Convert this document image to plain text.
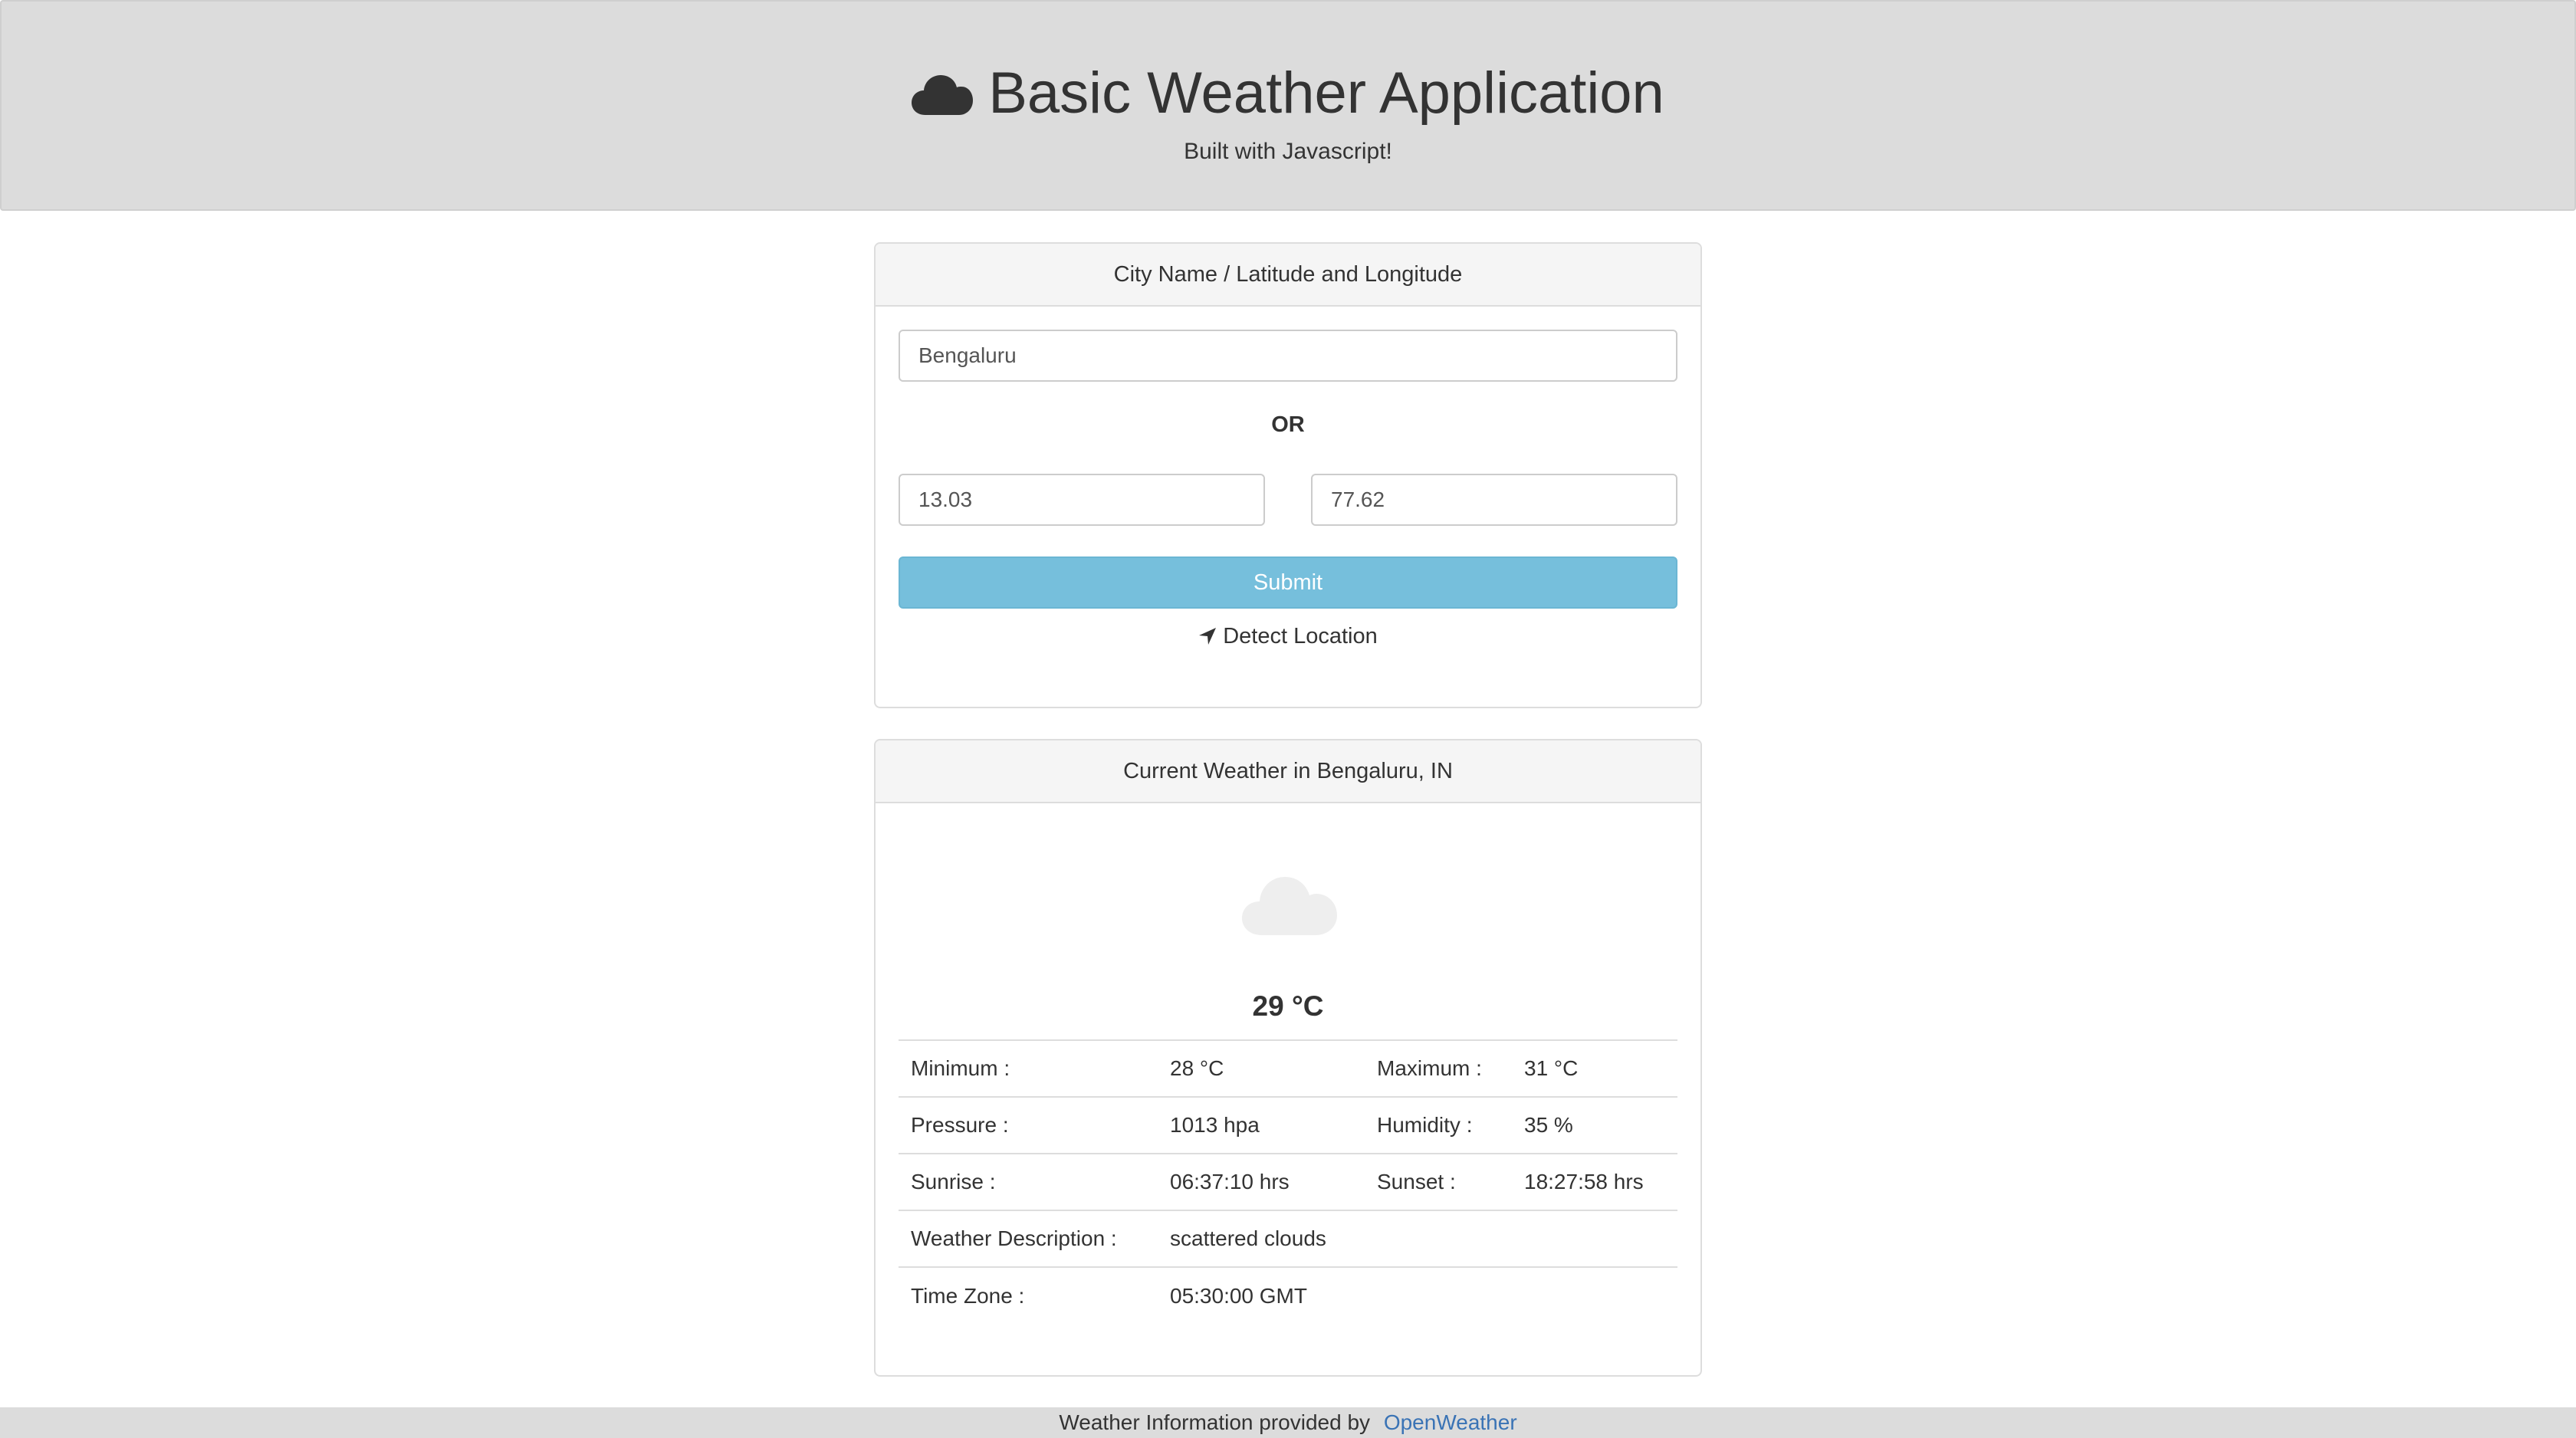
Basic Weather Application
Built with Javascript!
City Name / Latitude and Longitude
Bengaluru
OR
13.03	77.62
Submit
Detect Location
Current Weather in Bengaluru, IN
29 °C
Minimum :	28 °C	Maximum :	31 °C
Pressure :	1013 hpa	Humidity :	35 %
Sunrise :	06:37:10 hrs	Sunset :	18:27:58 hrs
Weather Description :	scattered clouds		
Time Zone :	05:30:00 GMT		
Weather Information provided by OpenWeather
